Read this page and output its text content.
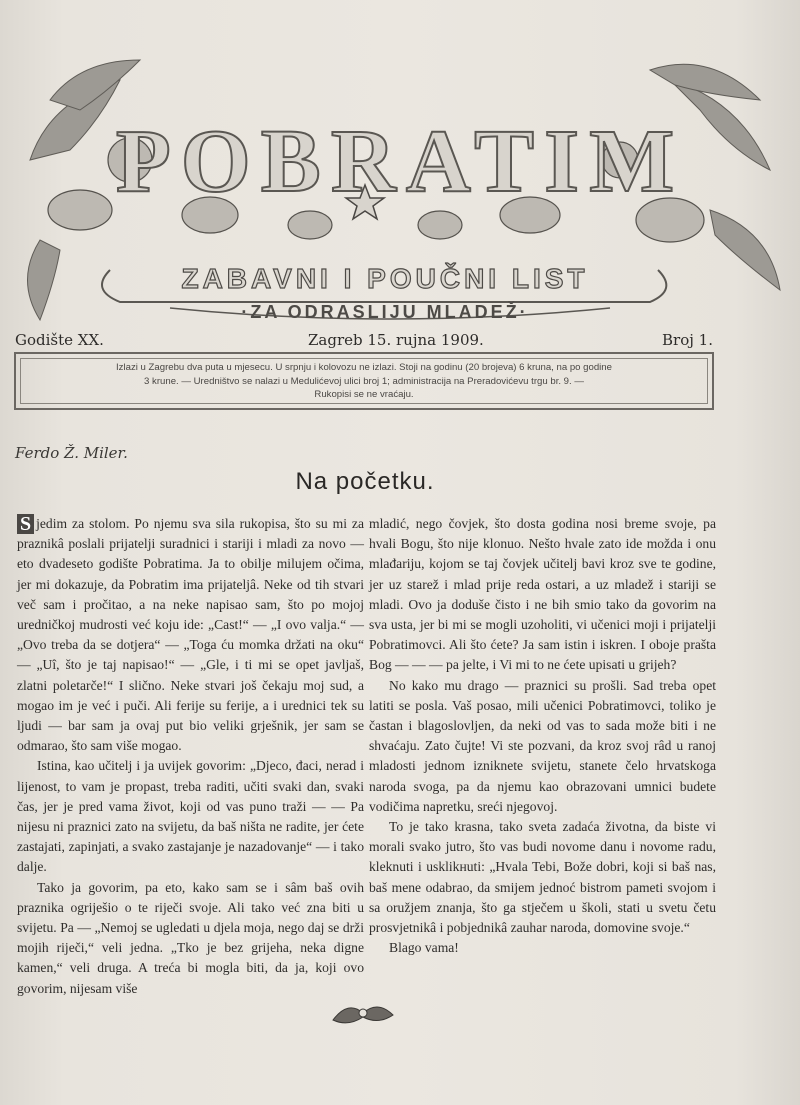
POBRATIM
ZABAVNI I POUČNI LIST
·ZA ODRASLIJU MLADEŽ·
Godište XX.	Zagreb 15. rujna 1909.	Broj 1.
Izlazi u Zagrebu dva puta u mjesecu. U srpnju i kolovozu ne izlazi. Stoji na godinu (20 brojeva) 6 kruna, na po godine
3 krune. — Uredništvo se nalazi u Medulićevoj ulici broj 1; administracija na Preradovićevu trgu br. 9. —
Rukopisi se ne vraćaju.
Ferdo Ž. Miler.
Na početku.

S jedim za stolom. Po njemu sva sila rukopisa, što su mi za praznikâ poslali prijatelji suradnici i stariji i mladi za novo — eto dvadeseto godište Pobratima. Ja to obilje milujem očima, jer mi dokazuje, da Pobratim ima prijateljâ. Neke od tih stvari več sam i pročitao, a na neke napisao sam, što po mojoj uredničkoj mudrosti već koju ide: „Cast!“ — „I ovo valja.“ — „Ovo treba da se dotjera“ — „Toga ću momka držati na oku“ — „Uî, što je taj napisao!“ — „Gle, i ti mi se opet javljaš, zlatni poletarče!“ I slično. Neke stvari još čekaju moj sud, a mogao im je već i puči. Ali ferije su ferije, a i urednici tek su ljudi — bar sam ja ovaj put bio veliki grješnik, jer sam se odmarao, što sam više mogao.

Istina, kao učitelj i ja uvijek govorim: „Djeco, đaci, nerad i lijenost, to vam je propast, treba raditi, učiti svaki dan, svaki čas, jer je pred vama život, koji od vas puno traži — — Pa nijesu ni praznici zato na svijetu, da baš ništa ne radite, jer ćete zastajati, zapinjati, a svako zastajanje je nazadovanje“ — i tako dalje.

Tako ja govorim, pa eto, kako sam se i sâm baš ovih praznika ogriješio o te riječi svoje. Ali tako već zna biti u svijetu. Pa — „Nemoj se ugledati u djela moja, nego daj se drži mojih riječi,“ veli jedna. „Tko je bez grijeha, neka digne kamen,“ veli druga. A treća bi mogla biti, da ja, koji ovo govorim, nijesam više

mladić, nego čovjek, što dosta godina nosi breme svoje, pa hvali Bogu, što nije klonuo. Nešto hvale zato ide možda i onu mlađariju, kojom se taj čovjek učitelj bavi kroz sve te godine, jer uz starež i mlad prije reda ostari, a uz mladež i stariji se mladi. Ovo ja doduše čisto i ne bih smio tako da govorim na sva usta, jer bi mi se mogli uzoholiti, vi učenici moji i prijatelji Pobratimovci. Ali što ćete? Ja sam istin i iskren. I oboje prašta Bog — — — pa jelte, i Vi mi to ne ćete upisati u grijeh?

No kako mu drago — praznici su prošli. Sad treba opet latiti se posla. Vaš posao, mili učenici Pobratimovci, toliko je častan i blagoslovljen, da neki od vas to sada može biti i ne shvaćaju. Zato čujte! Vi ste pozvani, da kroz svoj râd u ranoj mladosti jednom izniknete svijetu, stanete čelo hrvatskoga naroda svoga, pa da njemu kao obrazovani umnici budete vodičima napretku, sreći njegovoj.

To je tako krasna, tako sveta zadaća životna, da biste vi morali svako jutro, što vas budi novome danu i novome radu, kleknuti i usklikнuti: „Hvala Tebi, Bože dobri, koji si baš nas, baš mene odabrao, da smijem jednoć bistrom pameti svojom i sa oružjem znanja, što ga stječem u školi, stati u svetu četu prosvjetnikâ i pobjednikâ zauhar naroda, domovine svoje.“

Blago vama!
